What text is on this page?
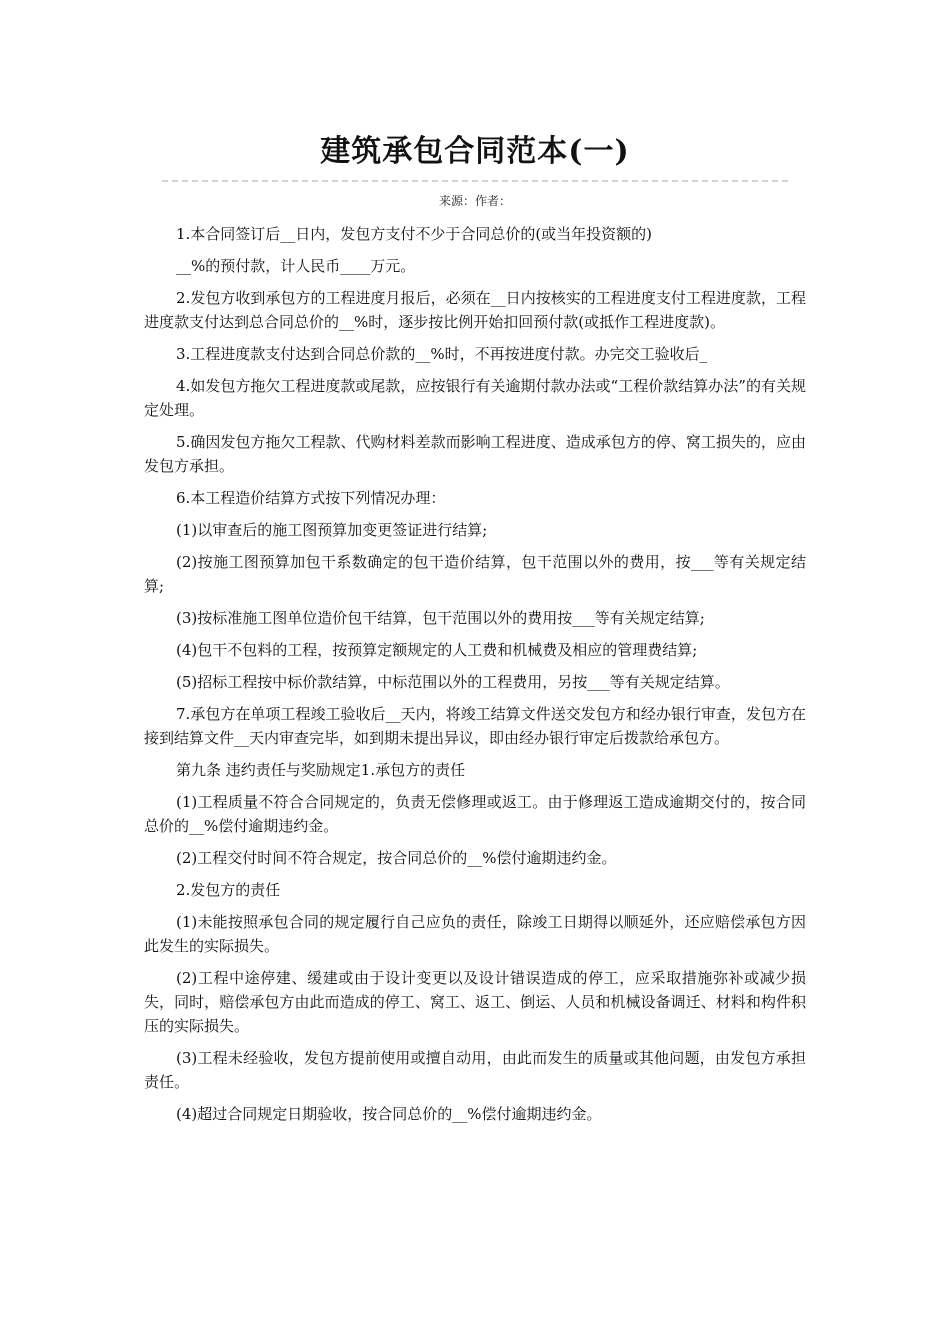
建筑承包合同范本(一)
来源：作者：

1.本合同签订后__日内，发包方支付不少于合同总价的(或当年投资额的)

__%的预付款，计人民币____万元。

2.发包方收到承包方的工程进度月报后，必须在__日内按核实的工程进度支付工程进度款，工程进度款支付达到总合同总价的__%时，逐步按比例开始扣回预付款(或抵作工程进度款)。

3.工程进度款支付达到合同总价款的__%时，不再按进度付款。办完交工验收后_

4.如发包方拖欠工程进度款或尾款，应按银行有关逾期付款办法或“工程价款结算办法”的有关规定处理。

5.确因发包方拖欠工程款、代购材料差款而影响工程进度、造成承包方的停、窝工损失的，应由发包方承担。

6.本工程造价结算方式按下列情况办理：

(1)以审查后的施工图预算加变更签证进行结算;

(2)按施工图预算加包干系数确定的包干造价结算，包干范围以外的费用，按___等有关规定结算;

(3)按标准施工图单位造价包干结算，包干范围以外的费用按___等有关规定结算;

(4)包干不包料的工程，按预算定额规定的人工费和机械费及相应的管理费结算;

(5)招标工程按中标价款结算，中标范围以外的工程费用，另按___等有关规定结算。

7.承包方在单项工程竣工验收后__天内，将竣工结算文件送交发包方和经办银行审查，发包方在接到结算文件__天内审查完毕，如到期未提出异议，即由经办银行审定后拨款给承包方。

第九条 违约责任与奖励规定1.承包方的责任

(1)工程质量不符合合同规定的，负责无偿修理或返工。由于修理返工造成逾期交付的，按合同总价的__%偿付逾期违约金。

(2)工程交付时间不符合规定，按合同总价的__%偿付逾期违约金。

2.发包方的责任

(1)未能按照承包合同的规定履行自己应负的责任，除竣工日期得以顺延外，还应赔偿承包方因此发生的实际损失。

(2)工程中途停建、缓建或由于设计变更以及设计错误造成的停工，应采取措施弥补或减少损失，同时，赔偿承包方由此而造成的停工、窝工、返工、倒运、人员和机械设备调迁、材料和构件积压的实际损失。

(3)工程未经验收，发包方提前使用或擅自动用，由此而发生的质量或其他问题，由发包方承担责任。

(4)超过合同规定日期验收，按合同总价的__%偿付逾期违约金。
